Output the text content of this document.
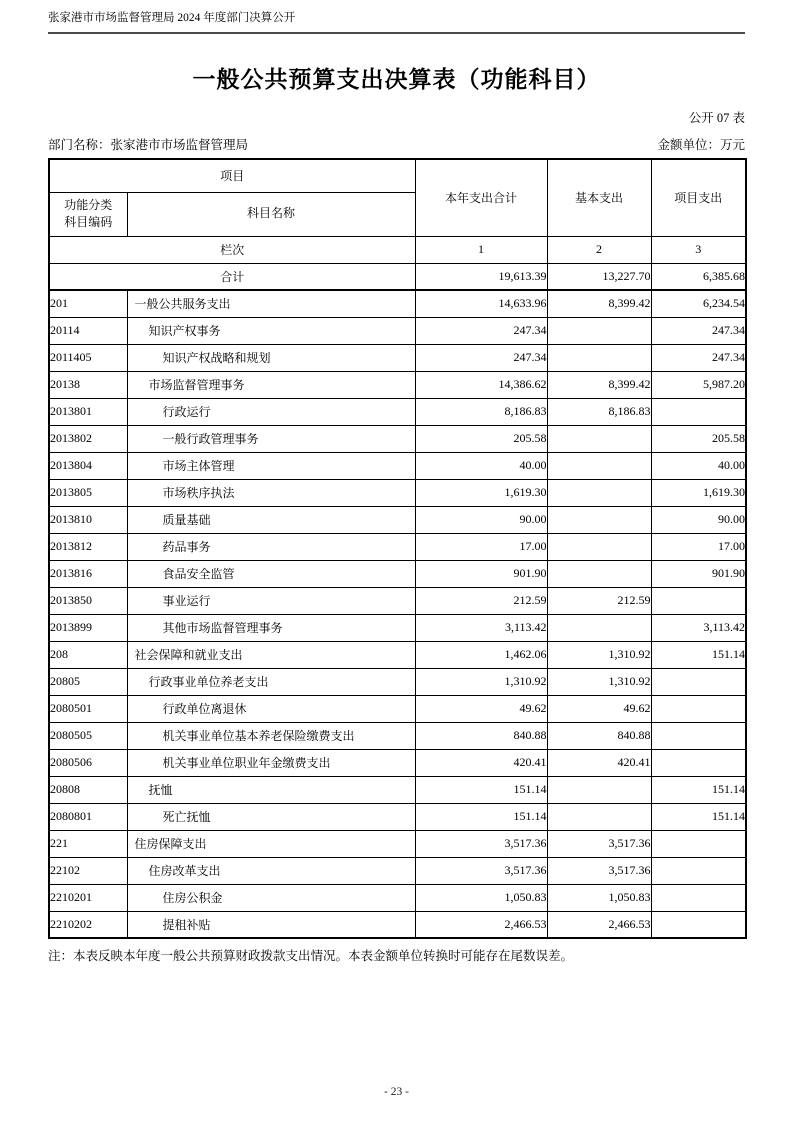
张家港市市场监督管理局 2024 年度部门决算公开
一般公共预算支出决算表（功能科目）
公开 07 表
部门名称：张家港市市场监督管理局	金额单位：万元
项目		本年支出合计	基本支出	项目支出
功能分类
科目编码	科目名称			
栏次		1	2	3
合计		19,613.39	13,227.70	6,385.68
201	一般公共服务支出	14,633.96	8,399.42	6,234.54
20114	知识产权事务	247.34		247.34
2011405	知识产权战略和规划	247.34		247.34
20138	市场监督管理事务	14,386.62	8,399.42	5,987.20
2013801	行政运行	8,186.83	8,186.83	
2013802	一般行政管理事务	205.58		205.58
2013804	市场主体管理	40.00		40.00
2013805	市场秩序执法	1,619.30		1,619.30
2013810	质量基础	90.00		90.00
2013812	药品事务	17.00		17.00
2013816	食品安全监管	901.90		901.90
2013850	事业运行	212.59	212.59	
2013899	其他市场监督管理事务	3,113.42		3,113.42
208	社会保障和就业支出	1,462.06	1,310.92	151.14
20805	行政事业单位养老支出	1,310.92	1,310.92	
2080501	行政单位离退休	49.62	49.62	
2080505	机关事业单位基本养老保险缴费支出	840.88	840.88	
2080506	机关事业单位职业年金缴费支出	420.41	420.41	
20808	抚恤	151.14		151.14
2080801	死亡抚恤	151.14		151.14
221	住房保障支出	3,517.36	3,517.36	
22102	住房改革支出	3,517.36	3,517.36	
2210201	住房公积金	1,050.83	1,050.83	
2210202	提租补贴	2,466.53	2,466.53	
注：本表反映本年度一般公共预算财政拨款支出情况。本表金额单位转换时可能存在尾数误差。
- 23 -
